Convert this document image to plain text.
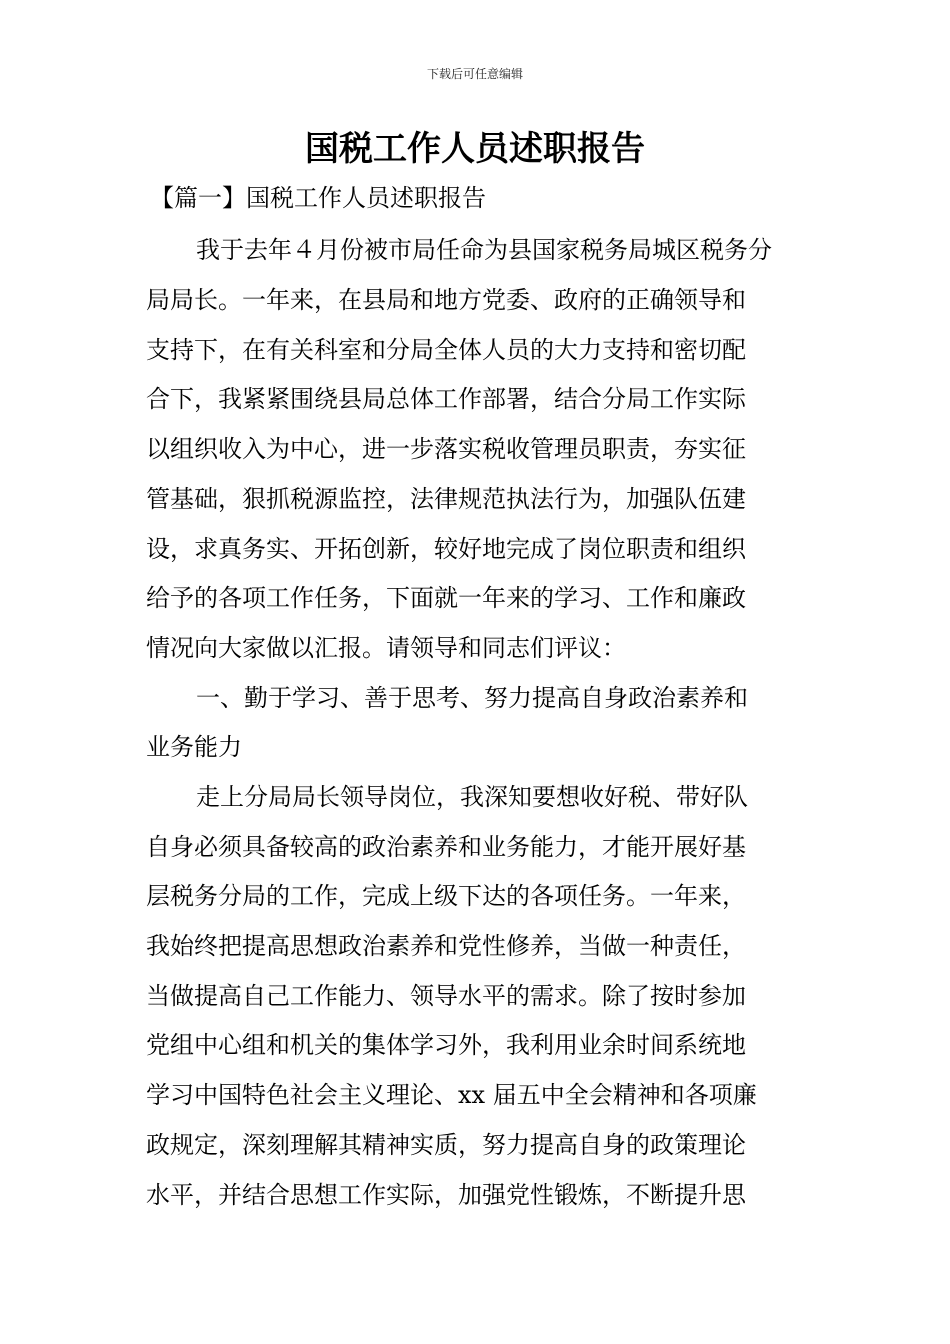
下载后可任意编辑
国税工作人员述职报告
【篇一】国税工作人员述职报告
我于去年４月份被市局任命为县国家税务局城区税务分
局局长。一年来，在县局和地方党委、政府的正确领导和
支持下，在有关科室和分局全体人员的大力支持和密切配
合下，我紧紧围绕县局总体工作部署，结合分局工作实际
以组织收入为中心，进一步落实税收管理员职责，夯实征
管基础，狠抓税源监控，法律规范执法行为，加强队伍建
设，求真务实、开拓创新，较好地完成了岗位职责和组织
给予的各项工作任务，下面就一年来的学习、工作和廉政
情况向大家做以汇报。请领导和同志们评议：
一、勤于学习、善于思考、努力提高自身政治素养和
业务能力
走上分局局长领导岗位，我深知要想收好税、带好队
自身必须具备较高的政治素养和业务能力，才能开展好基
层税务分局的工作，完成上级下达的各项任务。一年来，
我始终把提高思想政治素养和党性修养，当做一种责任，
当做提高自己工作能力、领导水平的需求。除了按时参加
党组中心组和机关的集体学习外，我利用业余时间系统地
学习中国特色社会主义理论、xx 届五中全会精神和各项廉
政规定，深刻理解其精神实质，努力提高自身的政策理论
水平，并结合思想工作实际，加强党性锻炼，不断提升思
